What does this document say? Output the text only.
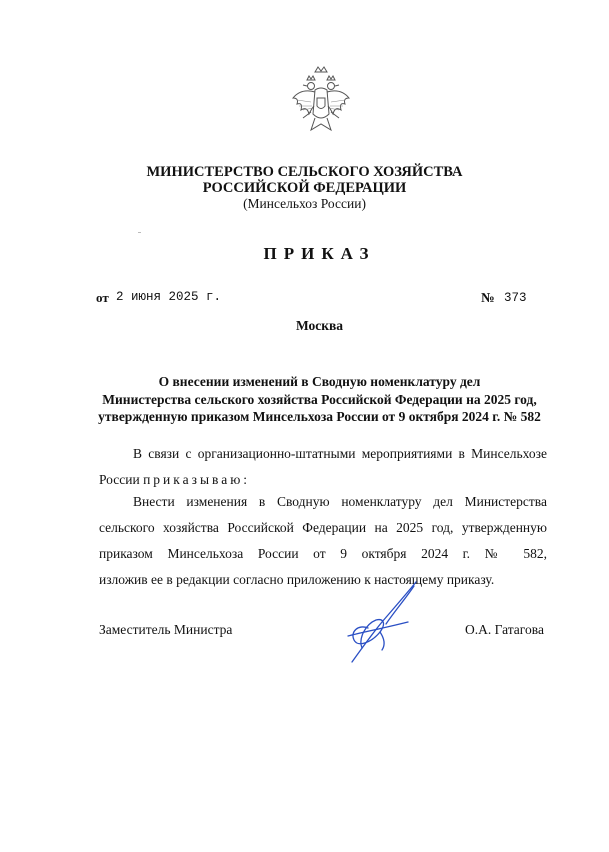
МИНИСТЕРСТВО СЕЛЬСКОГО ХОЗЯЙСТВА
РОССИЙСКОЙ ФЕДЕРАЦИИ
(Минсельхоз России)
ПРИКАЗ
от 2 июня 2025 г.	№ 373
Москва
О внесении изменений в Сводную номенклатуру дел
Министерства сельского хозяйства Российской Федерации на 2025 год,
утвержденную приказом Минсельхоза России от 9 октября 2024 г. № 582
В связи с организационно-штатными мероприятиями в Минсельхозе
России приказываю:
Внести изменения в Сводную номенклатуру дел Министерства
сельского хозяйства Российской Федерации на 2025 год, утвержденную
приказом Минсельхоза России от 9 октября 2024 г. № 582,
изложив ее в редакции согласно приложению к настоящему приказу.
Заместитель Министра	О.А. Гатагова
